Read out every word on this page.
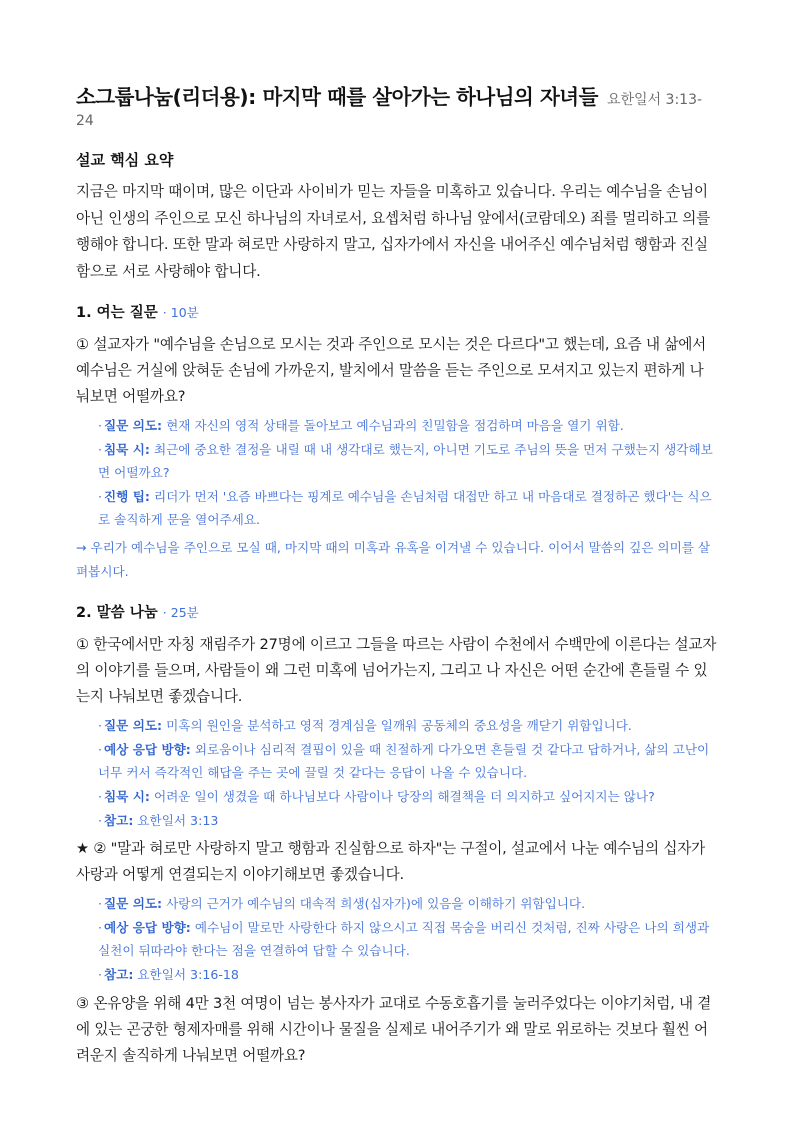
소그룹나눔(리더용): 마지막 때를 살아가는 하나님의 자녀들 요한일서 3:13-24
설교 핵심 요약

지금은 마지막 때이며, 많은 이단과 사이비가 믿는 자들을 미혹하고 있습니다. 우리는 예수님을 손님이 아닌 인생의 주인으로 모신 하나님의 자녀로서, 요셉처럼 하나님 앞에서(코람데오) 죄를 멀리하고 의를 행해야 합니다. 또한 말과 혀로만 사랑하지 말고, 십자가에서 자신을 내어주신 예수님처럼 행함과 진실함으로 서로 사랑해야 합니다.

1. 여는 질문 · 10분

① 설교자가 "예수님을 손님으로 모시는 것과 주인으로 모시는 것은 다르다"고 했는데, 요즘 내 삶에서 예수님은 거실에 앉혀둔 손님에 가까운지, 발치에서 말씀을 듣는 주인으로 모셔지고 있는지 편하게 나눠보면 어떨까요?

· 질문 의도: 현재 자신의 영적 상태를 돌아보고 예수님과의 친밀함을 점검하며 마음을 열기 위함.
· 침묵 시: 최근에 중요한 결정을 내릴 때 내 생각대로 했는지, 아니면 기도로 주님의 뜻을 먼저 구했는지 생각해보면 어떨까요?
· 진행 팁: 리더가 먼저 '요즘 바쁘다는 핑계로 예수님을 손님처럼 대접만 하고 내 마음대로 결정하곤 했다'는 식으로 솔직하게 문을 열어주세요.

→ 우리가 예수님을 주인으로 모실 때, 마지막 때의 미혹과 유혹을 이겨낼 수 있습니다. 이어서 말씀의 깊은 의미를 살펴봅시다.

2. 말씀 나눔 · 25분

① 한국에서만 자칭 재림주가 27명에 이르고 그들을 따르는 사람이 수천에서 수백만에 이른다는 설교자의 이야기를 들으며, 사람들이 왜 그런 미혹에 넘어가는지, 그리고 나 자신은 어떤 순간에 흔들릴 수 있는지 나눠보면 좋겠습니다.

· 질문 의도: 미혹의 원인을 분석하고 영적 경계심을 일깨워 공동체의 중요성을 깨닫기 위함입니다.
· 예상 응답 방향: 외로움이나 심리적 결핍이 있을 때 친절하게 다가오면 흔들릴 것 같다고 답하거나, 삶의 고난이 너무 커서 즉각적인 해답을 주는 곳에 끌릴 것 같다는 응답이 나올 수 있습니다.
· 침묵 시: 어려운 일이 생겼을 때 하나님보다 사람이나 당장의 해결책을 더 의지하고 싶어지지는 않나?
· 참고: 요한일서 3:13

★ ② "말과 혀로만 사랑하지 말고 행함과 진실함으로 하자"는 구절이, 설교에서 나눈 예수님의 십자가 사랑과 어떻게 연결되는지 이야기해보면 좋겠습니다.

· 질문 의도: 사랑의 근거가 예수님의 대속적 희생(십자가)에 있음을 이해하기 위함입니다.
· 예상 응답 방향: 예수님이 말로만 사랑한다 하지 않으시고 직접 목숨을 버리신 것처럼, 진짜 사랑은 나의 희생과 실천이 뒤따라야 한다는 점을 연결하여 답할 수 있습니다.
· 참고: 요한일서 3:16-18

③ 온유양을 위해 4만 3천 여명이 넘는 봉사자가 교대로 수동호흡기를 눌러주었다는 이야기처럼, 내 곁에 있는 곤궁한 형제자매를 위해 시간이나 물질을 실제로 내어주기가 왜 말로 위로하는 것보다 훨씬 어려운지 솔직하게 나눠보면 어떨까요?
